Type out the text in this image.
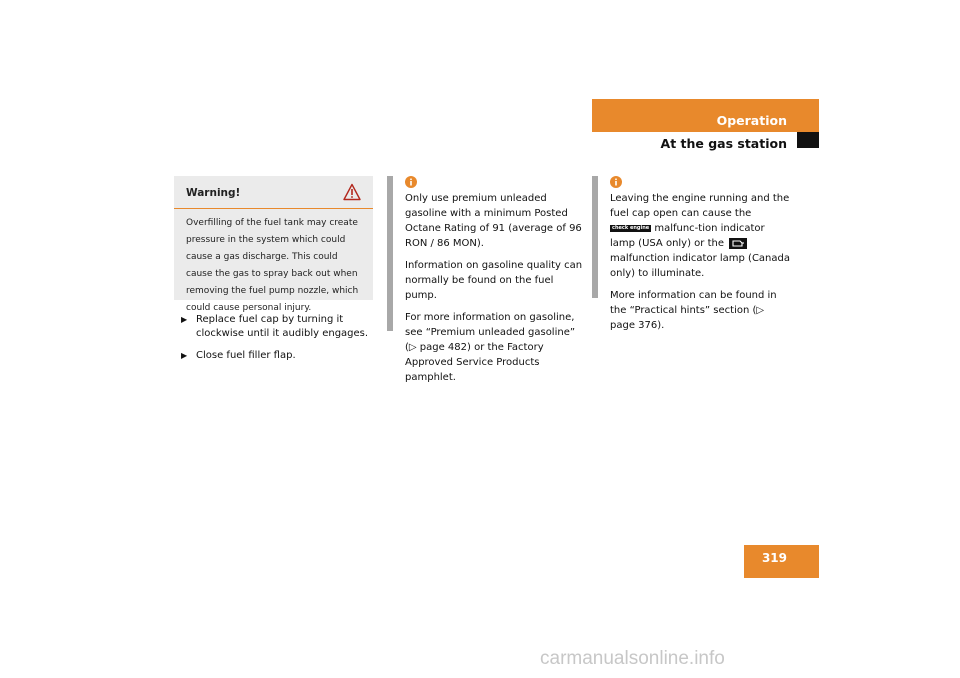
Operation
At the gas station
Warning!
Overfilling of the fuel tank may create pressure in the system which could cause a gas discharge. This could cause the gas to spray back out when removing the fuel pump nozzle, which could cause personal injury.
▶ Replace fuel cap by turning it clockwise until it audibly engages.
▶ Close fuel filler flap.

Only use premium unleaded gasoline with a minimum Posted Octane Rating of 91 (average of 96 RON / 86 MON).

Information on gasoline quality can normally be found on the fuel pump.

For more information on gasoline, see “Premium unleaded gasoline” (▷ page 482) or the Factory Approved Service Products pamphlet.

Leaving the engine running and the fuel cap open can cause the check engine malfunc-tion indicator lamp (USA only) or the  malfunction indicator lamp (Canada only) to illuminate.

More information can be found in the “Practical hints” section (▷ page 376).

319
carmanualsonline.info
